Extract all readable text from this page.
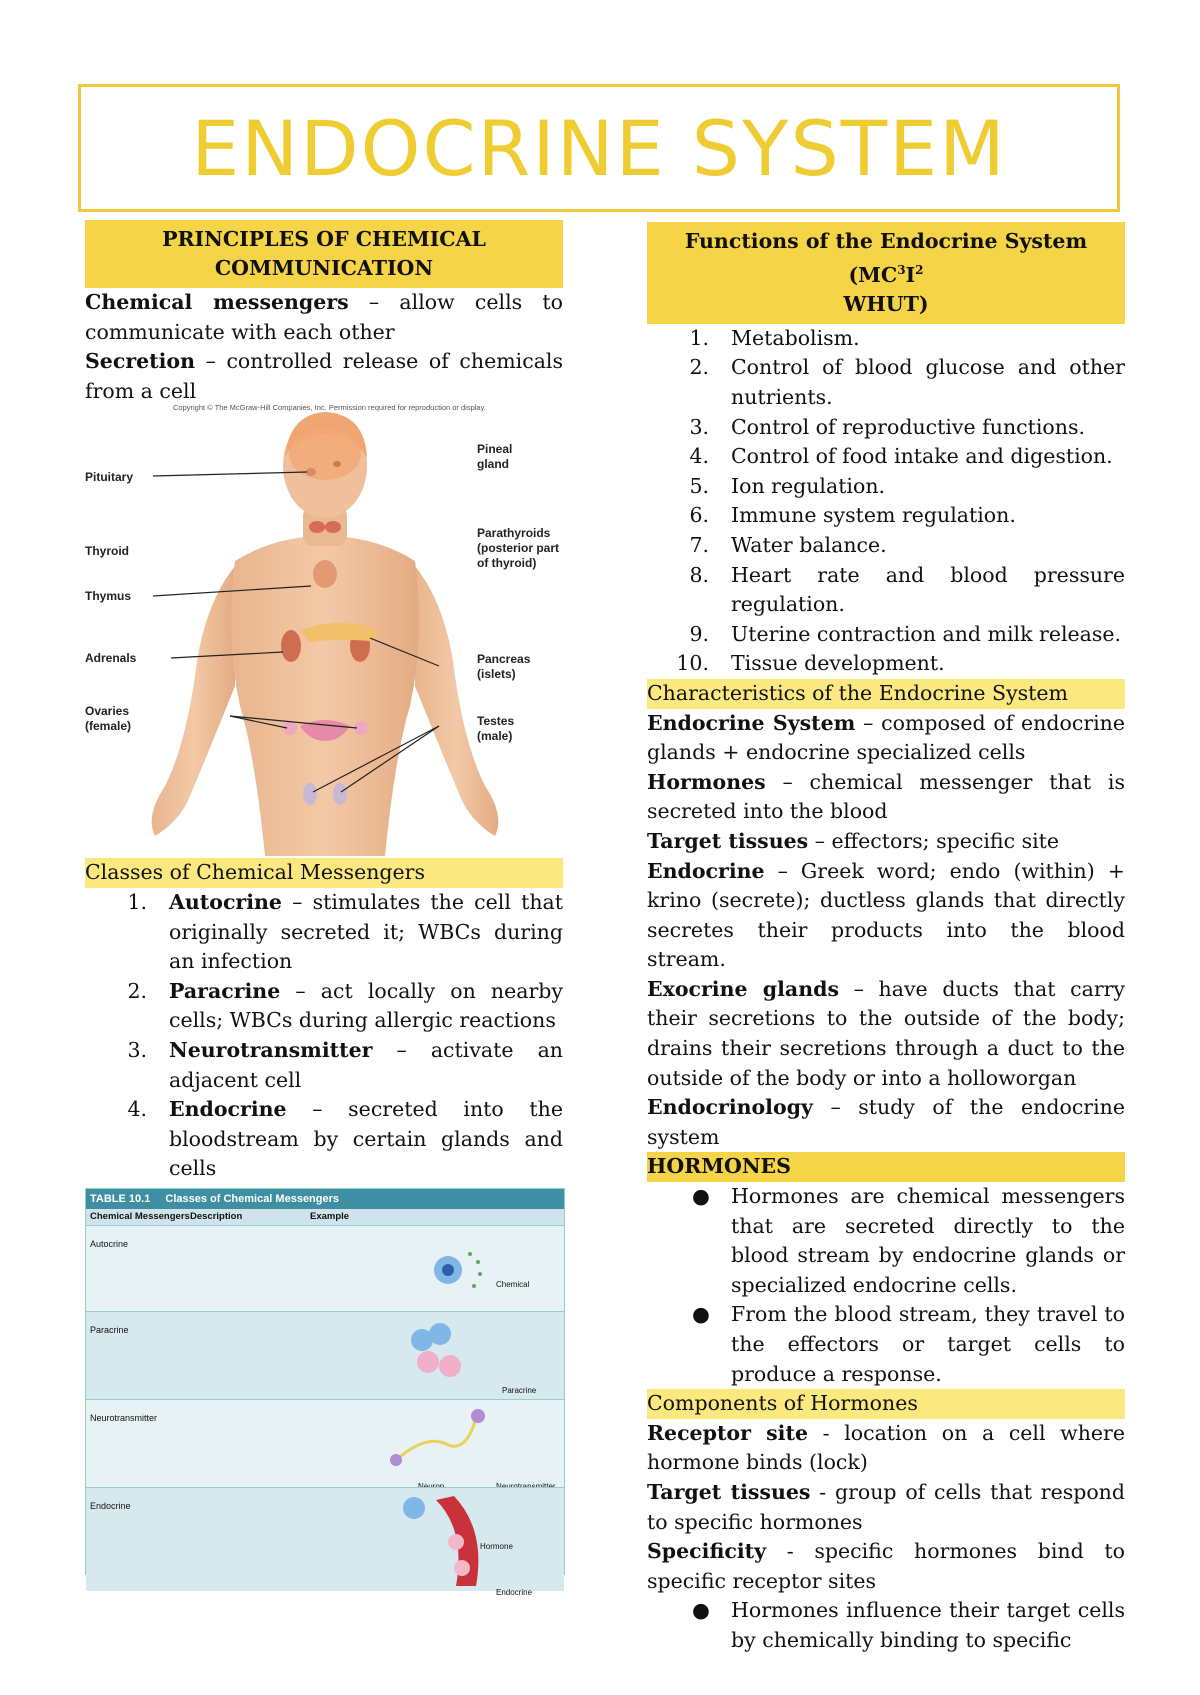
ENDOCRINE SYSTEM
PRINCIPLES OF CHEMICAL COMMUNICATION
Chemical messengers – allow cells to communicate with each other
Secretion – controlled release of chemicals from a cell
Copyright © The McGraw-Hill Companies, Inc. Permission required for reproduction or display.
Pituitary
Thyroid
Thymus
Adrenals
Ovaries (female)
Pineal gland
Parathyroids (posterior part of thyroid)
Pancreas (islets)
Testes (male)
Classes of Chemical Messengers
1. Autocrine – stimulates the cell that originally secreted it; WBCs during an infection
2. Paracrine – act locally on nearby cells; WBCs during allergic reactions
3. Neurotransmitter – activate an adjacent cell
4. Endocrine – secreted into the bloodstream by certain glands and cells
TABLE 10.1 Classes of Chemical Messengers
Chemical Messengers Description	Example
Autocrine
Chemical
Paracrine
Paracrine
Neurotransmitter
Endocrine
Hormone
Endocrine
Functions of the Endocrine System ($MC^3I^2$
WHUT)
1. Metabolism.
2. Control of blood glucose and other nutrients.
3. Control of reproductive functions.
4. Control of food intake and digestion.
5. Ion regulation.
6. Immune system regulation.
7. Water balance.
8. Heart rate and blood pressure regulation.
9. Uterine contraction and milk release.
10. Tissue development.
Characteristics of the Endocrine System
Endocrine System – composed of endocrine glands + endocrine specialized cells
Hormones – chemical messenger that is secreted into the blood
Target tissues – effectors; specific site
Endocrine – Greek word; endo (within) + krino (secrete); ductless glands that directly secretes their products into the blood stream.
Exocrine glands – have ducts that carry their secretions to the outside of the body; drains their secretions through a duct to the outside of the body or into a holloworgan
Endocrinology – study of the endocrine system
HORMONES
● Hormones are chemical messengers that are secreted directly to the blood stream by endocrine glands or specialized endocrine cells.
● From the blood stream, they travel to the effectors or target cells to produce a response.
Components of Hormones
Receptor site - location on a cell where hormone binds (lock)
Target tissues - group of cells that respond to specific hormones
Specificity - specific hormones bind to specific receptor sites
● Hormones influence their target cells by chemically binding to specific
